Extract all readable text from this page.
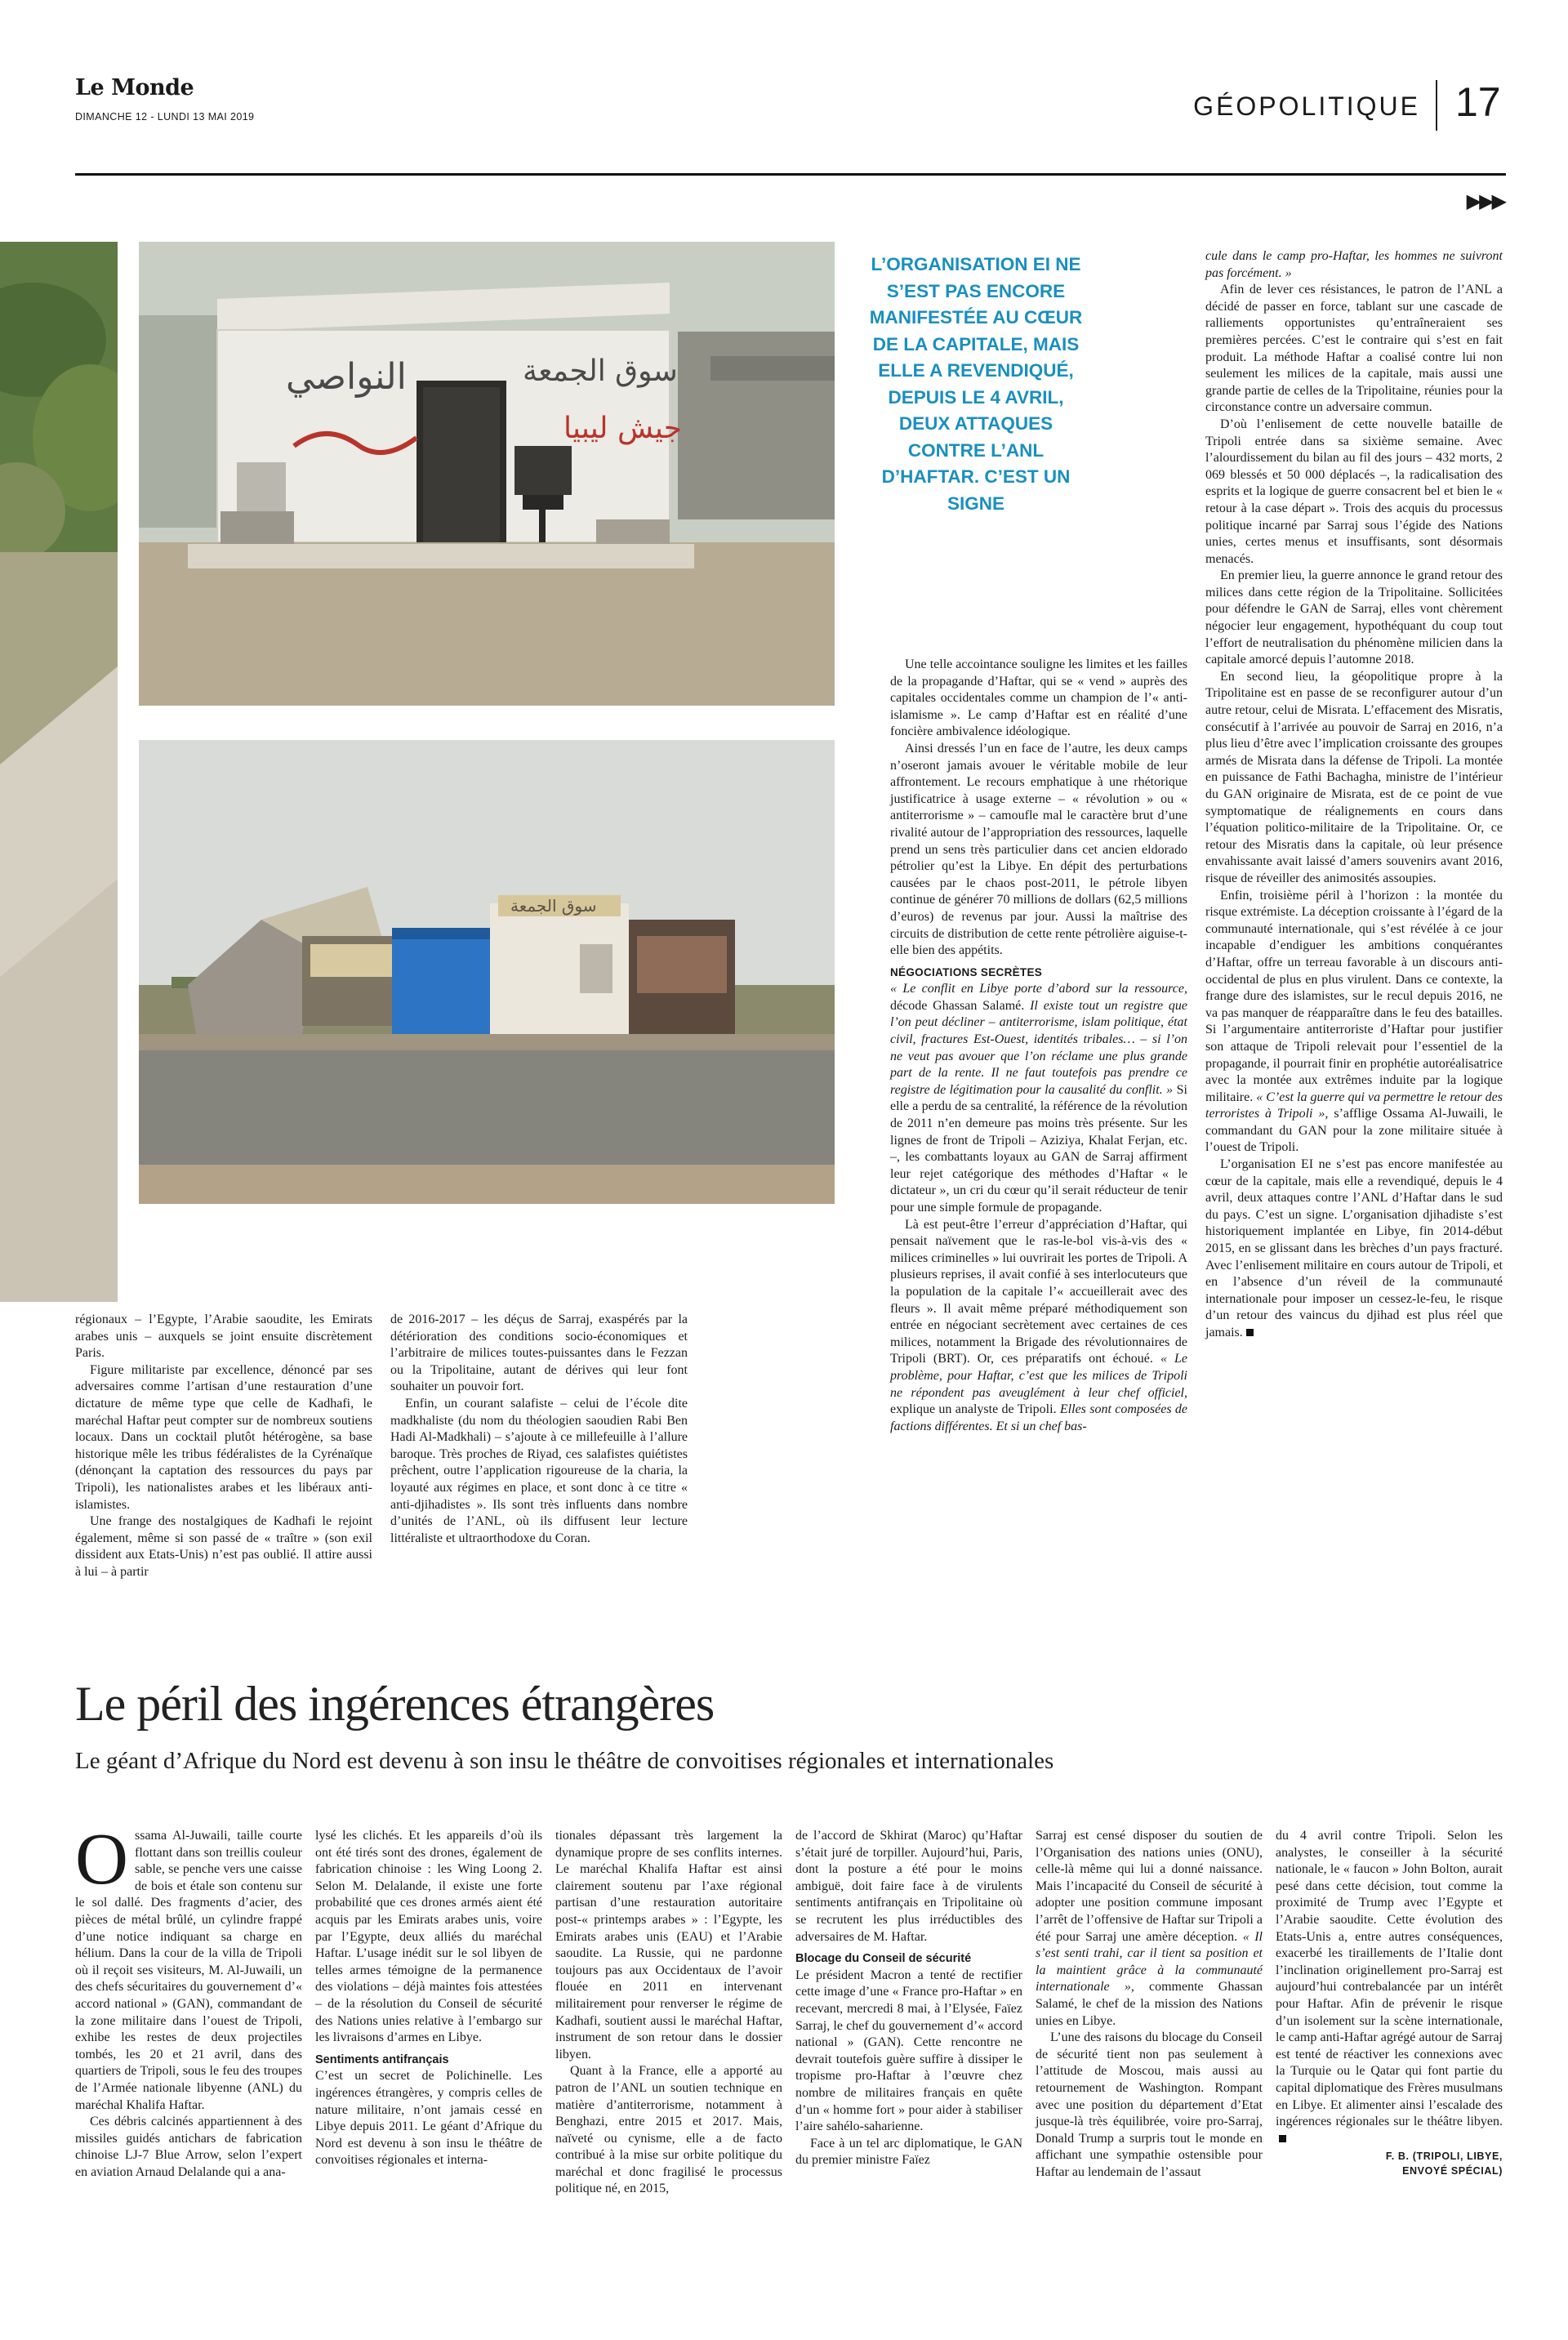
Le Monde
DIMANCHE 12 - LUNDI 13 MAI 2019	GÉOPOLITIQUE 17
▶▶▶
النواصي	سوق الجمعة
جيش ليبيا
سوق الجمعة
L’ORGANISATION EI NE S’EST PAS ENCORE MANIFESTÉE AU CŒUR DE LA CAPITALE, MAIS ELLE A REVENDIQUÉ, DEPUIS LE 4 AVRIL, DEUX ATTAQUES CONTRE L’ANL D’HAFTAR. C’EST UN SIGNE

régionaux – l’Egypte, l’Arabie saoudite, les Emirats arabes unis – auxquels se joint ensuite discrètement Paris.

Figure militariste par excellence, dénoncé par ses adversaires comme l’artisan d’une restauration d’une dictature de même type que celle de Kadhafi, le maréchal Haftar peut compter sur de nombreux soutiens locaux. Dans un cocktail plutôt hétérogène, sa base historique mêle les tribus fédéralistes de la Cyrénaïque (dénonçant la captation des ressources du pays par Tripoli), les nationalistes arabes et les libéraux anti-islamistes.

Une frange des nostalgiques de Kadhafi le rejoint également, même si son passé de « traître » (son exil dissident aux Etats-Unis) n’est pas oublié. Il attire aussi à lui – à partir

de 2016-2017 – les déçus de Sarraj, exaspérés par la détérioration des conditions socio-économiques et l’arbitraire de milices toutes-puissantes dans le Fezzan ou la Tripolitaine, autant de dérives qui leur font souhaiter un pouvoir fort.

Enfin, un courant salafiste – celui de l’école dite madkhaliste (du nom du théologien saoudien Rabi Ben Hadi Al-Madkhali) – s’ajoute à ce millefeuille à l’allure baroque. Très proches de Riyad, ces salafistes quiétistes prêchent, outre l’application rigoureuse de la charia, la loyauté aux régimes en place, et sont donc à ce titre « anti-djihadistes ». Ils sont très influents dans nombre d’unités de l’ANL, où ils diffusent leur lecture littéraliste et ultraorthodoxe du Coran.

Une telle accointance souligne les limites et les failles de la propagande d’Haftar, qui se « vend » auprès des capitales occidentales comme un champion de l’« anti-islamisme ». Le camp d’Haftar est en réalité d’une foncière ambivalence idéologique.

Ainsi dressés l’un en face de l’autre, les deux camps n’oseront jamais avouer le véritable mobile de leur affrontement. Le recours emphatique à une rhétorique justificatrice à usage externe – « révolution » ou « antiterrorisme » – camoufle mal le caractère brut d’une rivalité autour de l’appropriation des ressources, laquelle prend un sens très particulier dans cet ancien eldorado pétrolier qu’est la Libye. En dépit des perturbations causées par le chaos post-2011, le pétrole libyen continue de générer 70 millions de dollars (62,5 millions d’euros) de revenus par jour. Aussi la maîtrise des circuits de distribution de cette rente pétrolière aiguise-t-elle bien des appétits.

NÉGOCIATIONS SECRÈTES

« Le conflit en Libye porte d’abord sur la ressource, décode Ghassan Salamé. Il existe tout un registre que l’on peut décliner – antiterrorisme, islam politique, état civil, fractures Est-Ouest, identités tribales… – si l’on ne veut pas avouer que l’on réclame une plus grande part de la rente. Il ne faut toutefois pas prendre ce registre de légitimation pour la causalité du conflit. » Si elle a perdu de sa centralité, la référence de la révolution de 2011 n’en demeure pas moins très présente. Sur les lignes de front de Tripoli – Aziziya, Khalat Ferjan, etc. –, les combattants loyaux au GAN de Sarraj affirment leur rejet catégorique des méthodes d’Haftar « le dictateur », un cri du cœur qu’il serait réducteur de tenir pour une simple formule de propagande.

Là est peut-être l’erreur d’appréciation d’Haftar, qui pensait naïvement que le ras-le-bol vis-à-vis des « milices criminelles » lui ouvrirait les portes de Tripoli. A plusieurs reprises, il avait confié à ses interlocuteurs que la population de la capitale l’« accueillerait avec des fleurs ». Il avait même préparé méthodiquement son entrée en négociant secrètement avec certaines de ces milices, notamment la Brigade des révolutionnaires de Tripoli (BRT). Or, ces préparatifs ont échoué. « Le problème, pour Haftar, c’est que les milices de Tripoli ne répondent pas aveuglément à leur chef officiel, explique un analyste de Tripoli. Elles sont composées de factions différentes. Et si un chef bas-

cule dans le camp pro-Haftar, les hommes ne suivront pas forcément. »

Afin de lever ces résistances, le patron de l’ANL a décidé de passer en force, tablant sur une cascade de ralliements opportunistes qu’entraîneraient ses premières percées. C’est le contraire qui s’est en fait produit. La méthode Haftar a coalisé contre lui non seulement les milices de la capitale, mais aussi une grande partie de celles de la Tripolitaine, réunies pour la circonstance contre un adversaire commun.

D’où l’enlisement de cette nouvelle bataille de Tripoli entrée dans sa sixième semaine. Avec l’alourdissement du bilan au fil des jours – 432 morts, 2 069 blessés et 50 000 déplacés –, la radicalisation des esprits et la logique de guerre consacrent bel et bien le « retour à la case départ ». Trois des acquis du processus politique incarné par Sarraj sous l’égide des Nations unies, certes menus et insuffisants, sont désormais menacés.

En premier lieu, la guerre annonce le grand retour des milices dans cette région de la Tripolitaine. Sollicitées pour défendre le GAN de Sarraj, elles vont chèrement négocier leur engagement, hypothéquant du coup tout l’effort de neutralisation du phénomène milicien dans la capitale amorcé depuis l’automne 2018.

En second lieu, la géopolitique propre à la Tripolitaine est en passe de se reconfigurer autour d’un autre retour, celui de Misrata. L’effacement des Misratis, consécutif à l’arrivée au pouvoir de Sarraj en 2016, n’a plus lieu d’être avec l’implication croissante des groupes armés de Misrata dans la défense de Tripoli. La montée en puissance de Fathi Bachagha, ministre de l’intérieur du GAN originaire de Misrata, est de ce point de vue symptomatique de réalignements en cours dans l’équation politico-militaire de la Tripolitaine. Or, ce retour des Misratis dans la capitale, où leur présence envahissante avait laissé d’amers souvenirs avant 2016, risque de réveiller des animosités assoupies.

Enfin, troisième péril à l’horizon : la montée du risque extrémiste. La déception croissante à l’égard de la communauté internationale, qui s’est révélée à ce jour incapable d’endiguer les ambitions conquérantes d’Haftar, offre un terreau favorable à un discours anti-occidental de plus en plus virulent. Dans ce contexte, la frange dure des islamistes, sur le recul depuis 2016, ne va pas manquer de réapparaître dans le feu des batailles. Si l’argumentaire antiterroriste d’Haftar pour justifier son attaque de Tripoli relevait pour l’essentiel de la propagande, il pourrait finir en prophétie autoréalisatrice avec la montée aux extrêmes induite par la logique militaire. « C’est la guerre qui va permettre le retour des terroristes à Tripoli », s’afflige Ossama Al-Juwaili, le commandant du GAN pour la zone militaire située à l’ouest de Tripoli.

L’organisation EI ne s’est pas encore manifestée au cœur de la capitale, mais elle a revendiqué, depuis le 4 avril, deux attaques contre l’ANL d’Haftar dans le sud du pays. C’est un signe. L’organisation djihadiste s’est historiquement implantée en Libye, fin 2014-début 2015, en se glissant dans les brèches d’un pays fracturé. Avec l’enlisement militaire en cours autour de Tripoli, et en l’absence d’un réveil de la communauté internationale pour imposer un cessez-le-feu, le risque d’un retour des vaincus du djihad est plus réel que jamais.

Le péril des ingérences étrangères
Le géant d’Afrique du Nord est devenu à son insu le théâtre de convoitises régionales et internationales

Ossama Al-Juwaili, taille courte flottant dans son treillis couleur sable, se penche vers une caisse de bois et étale son contenu sur le sol dallé. Des fragments d’acier, des pièces de métal brûlé, un cylindre frappé d’une notice indiquant sa charge en hélium. Dans la cour de la villa de Tripoli où il reçoit ses visiteurs, M. Al-Juwaili, un des chefs sécuritaires du gouvernement d’« accord national » (GAN), commandant de la zone militaire dans l’ouest de Tripoli, exhibe les restes de deux projectiles tombés, les 20 et 21 avril, dans des quartiers de Tripoli, sous le feu des troupes de l’Armée nationale libyenne (ANL) du maréchal Khalifa Haftar.

Ces débris calcinés appartiennent à des missiles guidés antichars de fabrication chinoise LJ-7 Blue Arrow, selon l’expert en aviation Arnaud Delalande qui a ana-

lysé les clichés. Et les appareils d’où ils ont été tirés sont des drones, également de fabrication chinoise : les Wing Loong 2. Selon M. Delalande, il existe une forte probabilité que ces drones armés aient été acquis par les Emirats arabes unis, voire par l’Egypte, deux alliés du maréchal Haftar. L’usage inédit sur le sol libyen de telles armes témoigne de la permanence des violations – déjà maintes fois attestées – de la résolution du Conseil de sécurité des Nations unies relative à l’embargo sur les livraisons d’armes en Libye.

Sentiments antifrançais

C’est un secret de Polichinelle. Les ingérences étrangères, y compris celles de nature militaire, n’ont jamais cessé en Libye depuis 2011. Le géant d’Afrique du Nord est devenu à son insu le théâtre de convoitises régionales et interna-

tionales dépassant très largement la dynamique propre de ses conflits internes. Le maréchal Khalifa Haftar est ainsi clairement soutenu par l’axe régional partisan d’une restauration autoritaire post-« printemps arabes » : l’Egypte, les Emirats arabes unis (EAU) et l’Arabie saoudite. La Russie, qui ne pardonne toujours pas aux Occidentaux de l’avoir flouée en 2011 en intervenant militairement pour renverser le régime de Kadhafi, soutient aussi le maréchal Haftar, instrument de son retour dans le dossier libyen.

Quant à la France, elle a apporté au patron de l’ANL un soutien technique en matière d’antiterrorisme, notamment à Benghazi, entre 2015 et 2017. Mais, naïveté ou cynisme, elle a de facto contribué à la mise sur orbite politique du maréchal et donc fragilisé le processus politique né, en 2015,

de l’accord de Skhirat (Maroc) qu’Haftar s’était juré de torpiller. Aujourd’hui, Paris, dont la posture a été pour le moins ambiguë, doit faire face à de virulents sentiments antifrançais en Tripolitaine où se recrutent les plus irréductibles des adversaires de M. Haftar.

Blocage du Conseil de sécurité

Le président Macron a tenté de rectifier cette image d’une « France pro-Haftar » en recevant, mercredi 8 mai, à l’Elysée, Faïez Sarraj, le chef du gouvernement d’« accord national » (GAN). Cette rencontre ne devrait toutefois guère suffire à dissiper le tropisme pro-Haftar à l’œuvre chez nombre de militaires français en quête d’un « homme fort » pour aider à stabiliser l’aire sahélo-saharienne.

Face à un tel arc diplomatique, le GAN du premier ministre Faïez

Sarraj est censé disposer du soutien de l’Organisation des nations unies (ONU), celle-là même qui lui a donné naissance. Mais l’incapacité du Conseil de sécurité à adopter une position commune imposant l’arrêt de l’offensive de Haftar sur Tripoli a été pour Sarraj une amère déception. « Il s’est senti trahi, car il tient sa position et la maintient grâce à la communauté internationale », commente Ghassan Salamé, le chef de la mission des Nations unies en Libye.

L’une des raisons du blocage du Conseil de sécurité tient non pas seulement à l’attitude de Moscou, mais aussi au retournement de Washington. Rompant avec une position du département d’Etat jusque-là très équilibrée, voire pro-Sarraj, Donald Trump a surpris tout le monde en affichant une sympathie ostensible pour Haftar au lendemain de l’assaut

du 4 avril contre Tripoli. Selon les analystes, le conseiller à la sécurité nationale, le « faucon » John Bolton, aurait pesé dans cette décision, tout comme la proximité de Trump avec l’Egypte et l’Arabie saoudite. Cette évolution des Etats-Unis a, entre autres conséquences, exacerbé les tiraillements de l’Italie dont l’inclination originellement pro-Sarraj est aujourd’hui contrebalancée par un intérêt pour Haftar. Afin de prévenir le risque d’un isolement sur la scène internationale, le camp anti-Haftar agrégé autour de Sarraj est tenté de réactiver les connexions avec la Turquie ou le Qatar qui font partie du capital diplomatique des Frères musulmans en Libye. Et alimenter ainsi l’escalade des ingérences régionales sur le théâtre libyen.

F. B. (TRIPOLI, LIBYE,
ENVOYÉ SPÉCIAL)
